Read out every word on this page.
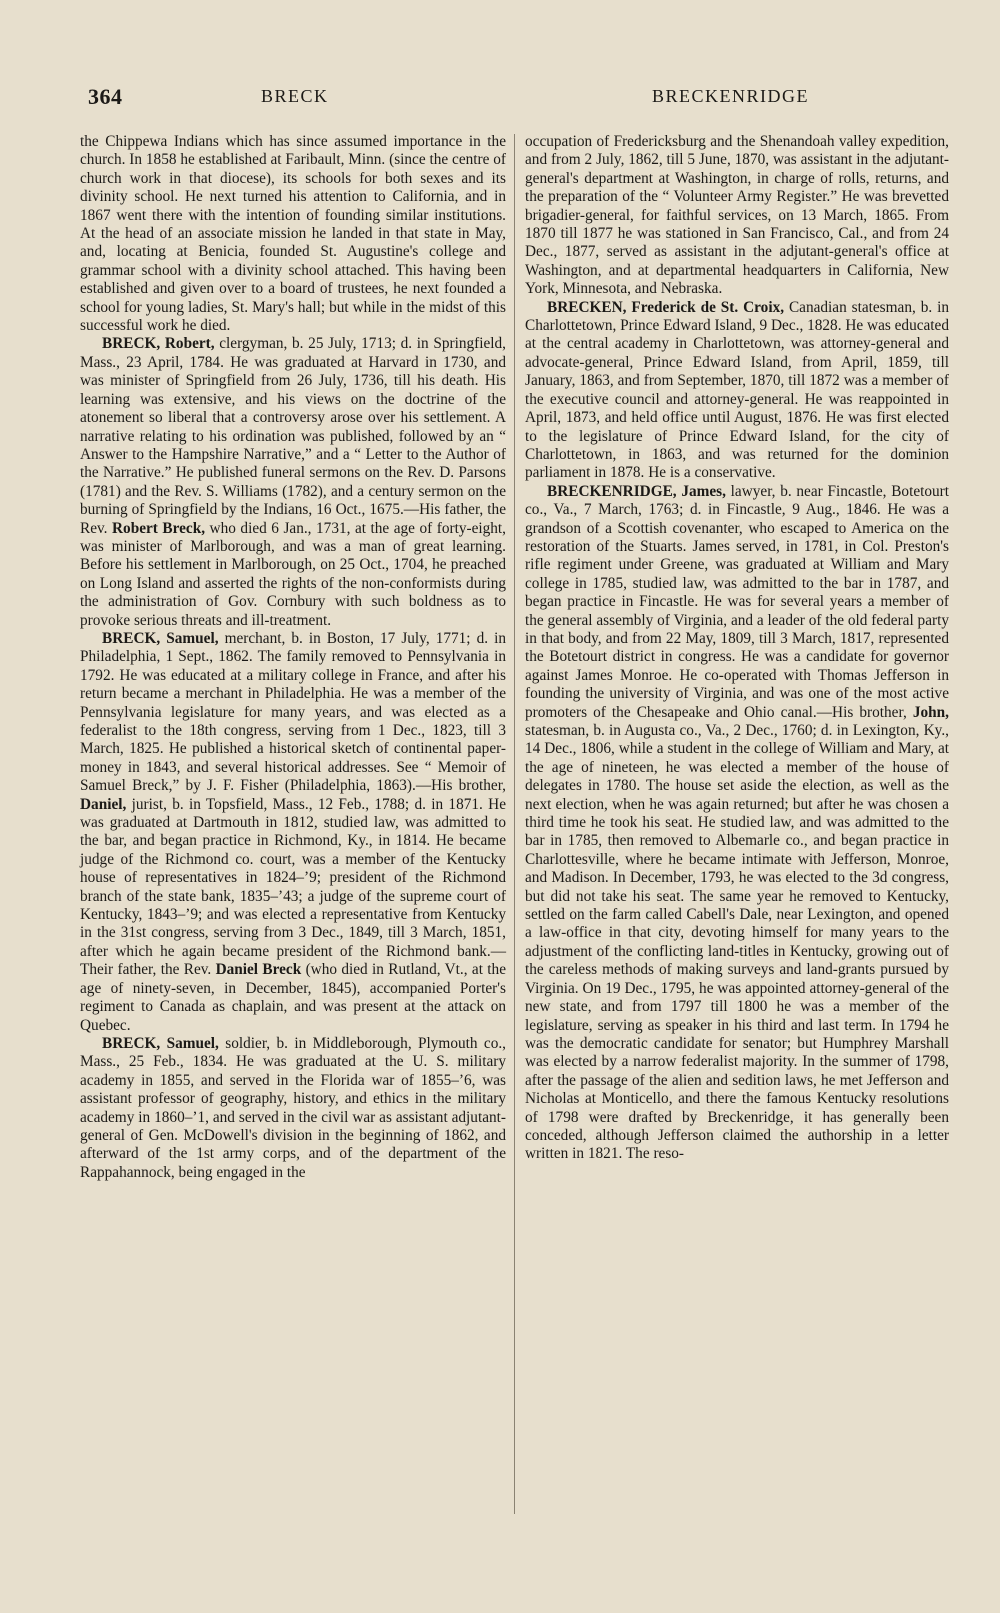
364	BRECK	BRECKENRIDGE

the Chippewa Indians which has since assumed importance in the church. In 1858 he established at Faribault, Minn. (since the centre of church work in that diocese), its schools for both sexes and its divinity school. He next turned his attention to California, and in 1867 went there with the intention of founding similar institutions. At the head of an associate mission he landed in that state in May, and, locating at Benicia, founded St. Augustine's college and grammar school with a divinity school attached. This having been established and given over to a board of trustees, he next founded a school for young ladies, St. Mary's hall; but while in the midst of this successful work he died.

BRECK, Robert, clergyman, b. 25 July, 1713; d. in Springfield, Mass., 23 April, 1784. He was graduated at Harvard in 1730, and was minister of Springfield from 26 July, 1736, till his death. His learning was extensive, and his views on the doctrine of the atonement so liberal that a controversy arose over his settlement. A narrative relating to his ordination was published, followed by an “ Answer to the Hampshire Narrative,” and a “ Letter to the Author of the Narrative.” He published funeral sermons on the Rev. D. Parsons (1781) and the Rev. S. Williams (1782), and a century sermon on the burning of Springfield by the Indians, 16 Oct., 1675.—His father, the Rev. Robert Breck, who died 6 Jan., 1731, at the age of forty-eight, was minister of Marlborough, and was a man of great learning. Before his settlement in Marlborough, on 25 Oct., 1704, he preached on Long Island and asserted the rights of the non-conformists during the administration of Gov. Cornbury with such boldness as to provoke serious threats and ill-treatment.

BRECK, Samuel, merchant, b. in Boston, 17 July, 1771; d. in Philadelphia, 1 Sept., 1862. The family removed to Pennsylvania in 1792. He was educated at a military college in France, and after his return became a merchant in Philadelphia. He was a member of the Pennsylvania legislature for many years, and was elected as a federalist to the 18th congress, serving from 1 Dec., 1823, till 3 March, 1825. He published a historical sketch of continental paper-money in 1843, and several historical addresses. See “ Memoir of Samuel Breck,” by J. F. Fisher (Philadelphia, 1863).—His brother, Daniel, jurist, b. in Topsfield, Mass., 12 Feb., 1788; d. in 1871. He was graduated at Dartmouth in 1812, studied law, was admitted to the bar, and began practice in Richmond, Ky., in 1814. He became judge of the Richmond co. court, was a member of the Kentucky house of representatives in 1824–’9; president of the Richmond branch of the state bank, 1835–’43; a judge of the supreme court of Kentucky, 1843–’9; and was elected a representative from Kentucky in the 31st congress, serving from 3 Dec., 1849, till 3 March, 1851, after which he again became president of the Richmond bank.—Their father, the Rev. Daniel Breck (who died in Rutland, Vt., at the age of ninety-seven, in December, 1845), accompanied Porter's regiment to Canada as chaplain, and was present at the attack on Quebec.

BRECK, Samuel, soldier, b. in Middleborough, Plymouth co., Mass., 25 Feb., 1834. He was graduated at the U. S. military academy in 1855, and served in the Florida war of 1855–’6, was assistant professor of geography, history, and ethics in the military academy in 1860–’1, and served in the civil war as assistant adjutant-general of Gen. McDowell's division in the beginning of 1862, and afterward of the 1st army corps, and of the department of the Rappahannock, being engaged in the

occupation of Fredericksburg and the Shenandoah valley expedition, and from 2 July, 1862, till 5 June, 1870, was assistant in the adjutant-general's department at Washington, in charge of rolls, returns, and the preparation of the “ Volunteer Army Register.” He was brevetted brigadier-general, for faithful services, on 13 March, 1865. From 1870 till 1877 he was stationed in San Francisco, Cal., and from 24 Dec., 1877, served as assistant in the adjutant-general's office at Washington, and at departmental headquarters in California, New York, Minnesota, and Nebraska.

BRECKEN, Frederick de St. Croix, Canadian statesman, b. in Charlottetown, Prince Edward Island, 9 Dec., 1828. He was educated at the central academy in Charlottetown, was attorney-general and advocate-general, Prince Edward Island, from April, 1859, till January, 1863, and from September, 1870, till 1872 was a member of the executive council and attorney-general. He was reappointed in April, 1873, and held office until August, 1876. He was first elected to the legislature of Prince Edward Island, for the city of Charlottetown, in 1863, and was returned for the dominion parliament in 1878. He is a conservative.

BRECKENRIDGE, James, lawyer, b. near Fincastle, Botetourt co., Va., 7 March, 1763; d. in Fincastle, 9 Aug., 1846. He was a grandson of a Scottish covenanter, who escaped to America on the restoration of the Stuarts. James served, in 1781, in Col. Preston's rifle regiment under Greene, was graduated at William and Mary college in 1785, studied law, was admitted to the bar in 1787, and began practice in Fincastle. He was for several years a member of the general assembly of Virginia, and a leader of the old federal party in that body, and from 22 May, 1809, till 3 March, 1817, represented the Botetourt district in congress. He was a candidate for governor against James Monroe. He co-operated with Thomas Jefferson in founding the university of Virginia, and was one of the most active promoters of the Chesapeake and Ohio canal.—His brother, John, statesman, b. in Augusta co., Va., 2 Dec., 1760; d. in Lexington, Ky., 14 Dec., 1806, while a student in the college of William and Mary, at the age of nineteen, he was elected a member of the house of delegates in 1780. The house set aside the election, as well as the next election, when he was again returned; but after he was chosen a third time he took his seat. He studied law, and was admitted to the bar in 1785, then removed to Albemarle co., and began practice in Charlottesville, where he became intimate with Jefferson, Monroe, and Madison. In December, 1793, he was elected to the 3d congress, but did not take his seat. The same year he removed to Kentucky, settled on the farm called Cabell's Dale, near Lexington, and opened a law-office in that city, devoting himself for many years to the adjustment of the conflicting land-titles in Kentucky, growing out of the careless methods of making surveys and land-grants pursued by Virginia. On 19 Dec., 1795, he was appointed attorney-general of the new state, and from 1797 till 1800 he was a member of the legislature, serving as speaker in his third and last term. In 1794 he was the democratic candidate for senator; but Humphrey Marshall was elected by a narrow federalist majority. In the summer of 1798, after the passage of the alien and sedition laws, he met Jefferson and Nicholas at Monticello, and there the famous Kentucky resolutions of 1798 were drafted by Breckenridge, it has generally been conceded, although Jefferson claimed the authorship in a letter written in 1821. The reso-
